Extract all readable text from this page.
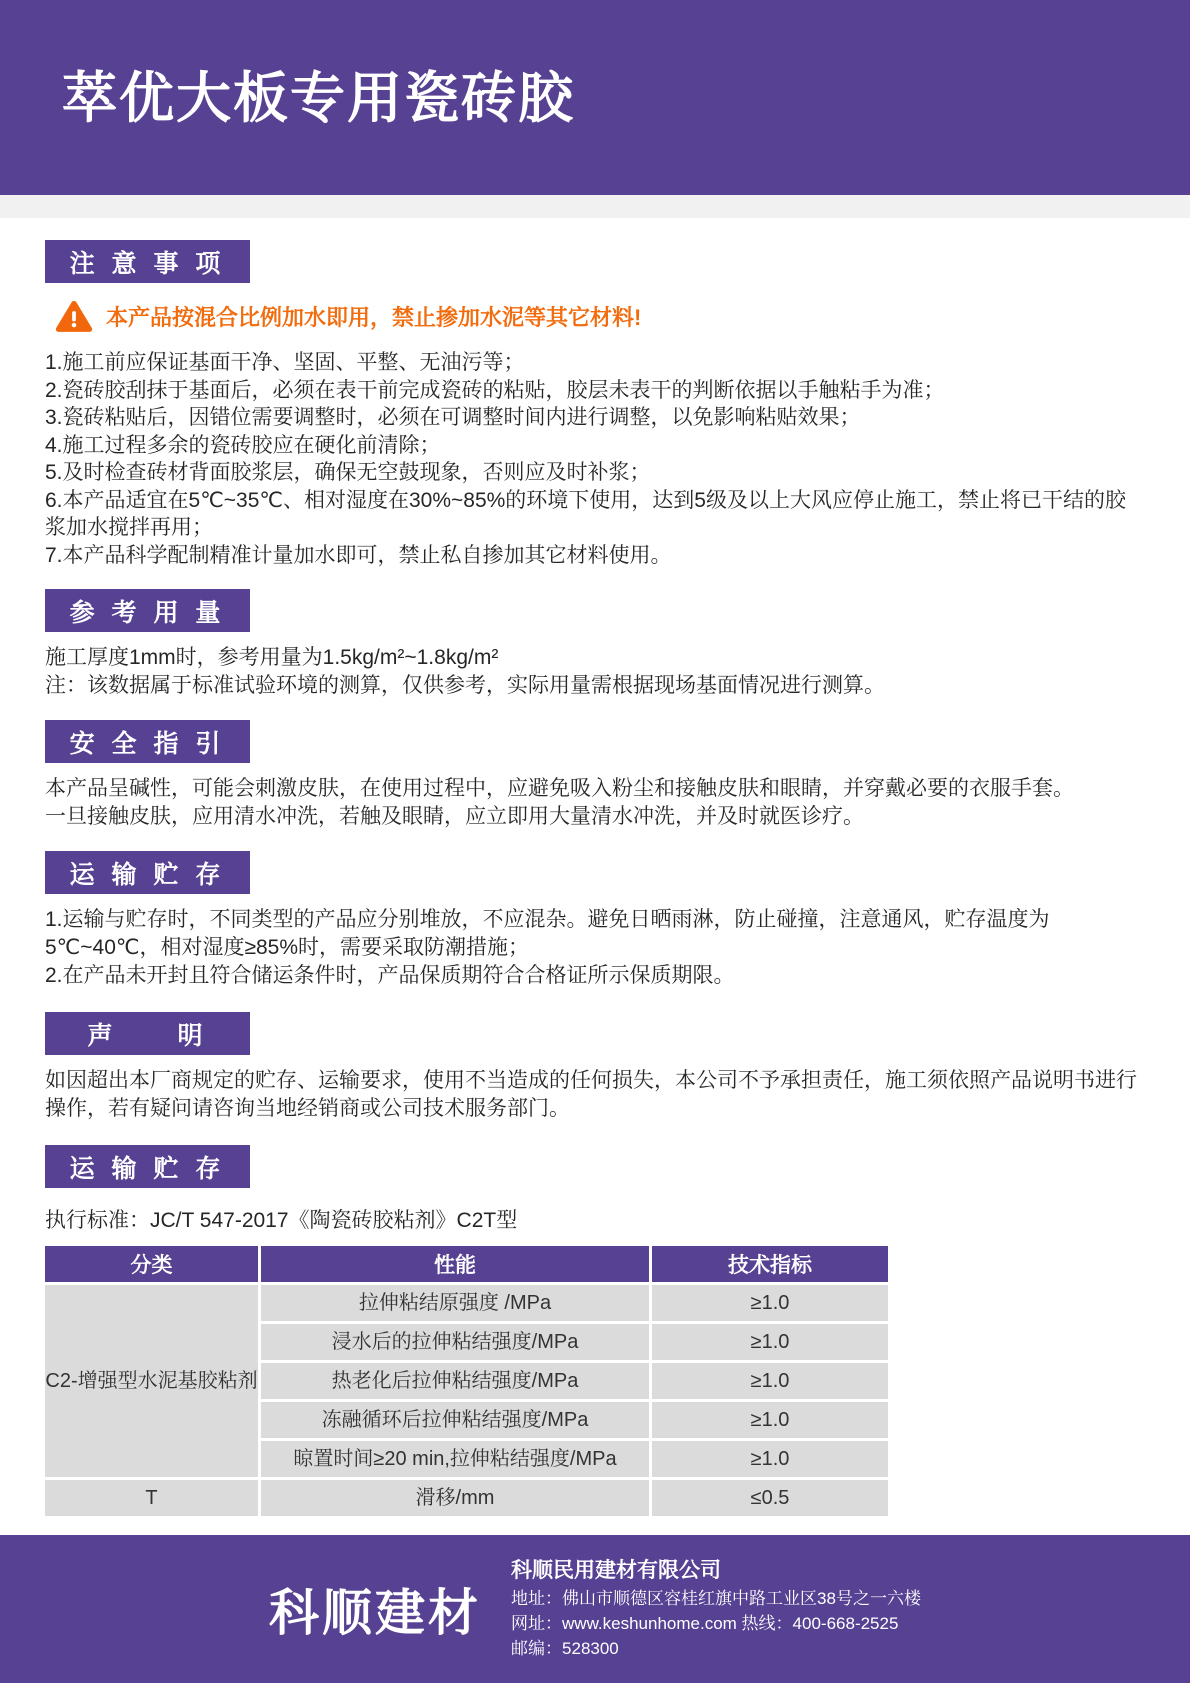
萃优大板专用瓷砖胶
注 意 事 项
本产品按混合比例加水即用，禁止掺加水泥等其它材料!

1.施工前应保证基面干净、坚固、平整、无油污等；

2.瓷砖胶刮抹于基面后，必须在表干前完成瓷砖的粘贴，胶层未表干的判断依据以手触粘手为准；

3.瓷砖粘贴后，因错位需要调整时，必须在可调整时间内进行调整，以免影响粘贴效果；

4.施工过程多余的瓷砖胶应在硬化前清除；

5.及时检查砖材背面胶浆层，确保无空鼓现象，否则应及时补浆；

6.本产品适宜在5℃~35℃、相对湿度在30%~85%的环境下使用，达到5级及以上大风应停止施工，禁止将已干结的胶浆加水搅拌再用；

7.本产品科学配制精准计量加水即可，禁止私自掺加其它材料使用。

参 考 用 量

施工厚度1mm时，参考用量为1.5kg/m²~1.8kg/m²

注：该数据属于标准试验环境的测算，仅供参考，实际用量需根据现场基面情况进行测算。

安 全 指 引

本产品呈碱性，可能会刺激皮肤，在使用过程中，应避免吸入粉尘和接触皮肤和眼睛，并穿戴必要的衣服手套。

一旦接触皮肤，应用清水冲洗，若触及眼睛，应立即用大量清水冲洗，并及时就医诊疗。

运 输 贮 存

1.运输与贮存时，不同类型的产品应分别堆放，不应混杂。避免日晒雨淋，防止碰撞，注意通风，贮存温度为5℃~40℃，相对湿度≥85%时，需要采取防潮措施；

2.在产品未开封且符合储运条件时，产品保质期符合合格证所示保质期限。

声　　明

如因超出本厂商规定的贮存、运输要求，使用不当造成的任何损失，本公司不予承担责任，施工须依照产品说明书进行操作，若有疑问请咨询当地经销商或公司技术服务部门。

运 输 贮 存

执行标准：JC/T 547-2017《陶瓷砖胶粘剂》C2T型

分类	性能	技术指标
C2-增强型水泥基胶粘剂	拉伸粘结原强度 /MPa	≥1.0
	浸水后的拉伸粘结强度/MPa	≥1.0
	热老化后拉伸粘结强度/MPa	≥1.0
	冻融循环后拉伸粘结强度/MPa	≥1.0
	晾置时间≥20 min,拉伸粘结强度/MPa	≥1.0
T	滑移/mm	≤0.5
科顺建材
科顺民用建材有限公司
地址：佛山市顺德区容桂红旗中路工业区38号之一六楼
网址：www.keshunhome.com 热线：400-668-2525
邮编：528300
